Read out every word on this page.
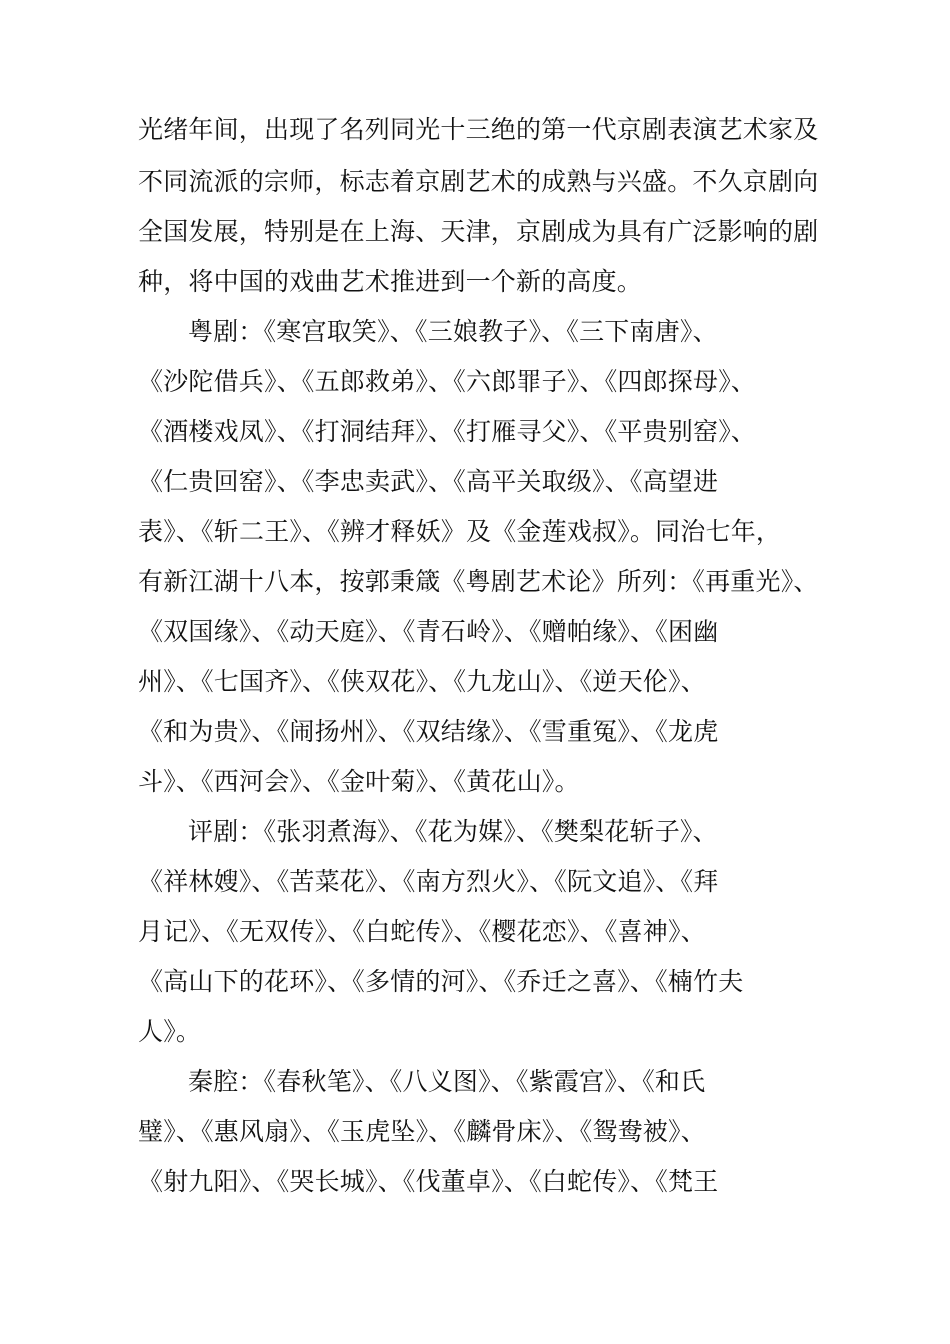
光绪年间，出现了名列同光十三绝的第一代京剧表演艺术家及
不同流派的宗师，标志着京剧艺术的成熟与兴盛。不久京剧向
全国发展，特别是在上海、天津，京剧成为具有广泛影响的剧
种，将中国的戏曲艺术推进到一个新的高度。
粤剧：《寒宫取笑》、《三娘教子》、《三下南唐》、
《沙陀借兵》、《五郎救弟》、《六郎罪子》、《四郎探母》、
《酒楼戏凤》、《打洞结拜》、《打雁寻父》、《平贵别窑》、
《仁贵回窑》、《李忠卖武》、《高平关取级》、《高望进
表》、《斩二王》、《辨才释妖》及《金莲戏叔》。同治七年，
有新江湖十八本，按郭秉箴《粤剧艺术论》所列：《再重光》、
《双国缘》、《动天庭》、《青石岭》、《赠帕缘》、《困幽
州》、《七国齐》、《侠双花》、《九龙山》、《逆天伦》、
《和为贵》、《闹扬州》、《双结缘》、《雪重冤》、《龙虎
斗》、《西河会》、《金叶菊》、《黄花山》。
评剧：《张羽煮海》、《花为媒》、《樊梨花斩子》、
《祥林嫂》、《苦菜花》、《南方烈火》、《阮文追》、《拜
月记》、《无双传》、《白蛇传》、《樱花恋》、《喜神》、
《高山下的花环》、《多情的河》、《乔迁之喜》、《楠竹夫
人》。
秦腔：《春秋笔》、《八义图》、《紫霞宫》、《和氏
璧》、《惠风扇》、《玉虎坠》、《麟骨床》、《鸳鸯被》、
《射九阳》、《哭长城》、《伐董卓》、《白蛇传》、《梵王
